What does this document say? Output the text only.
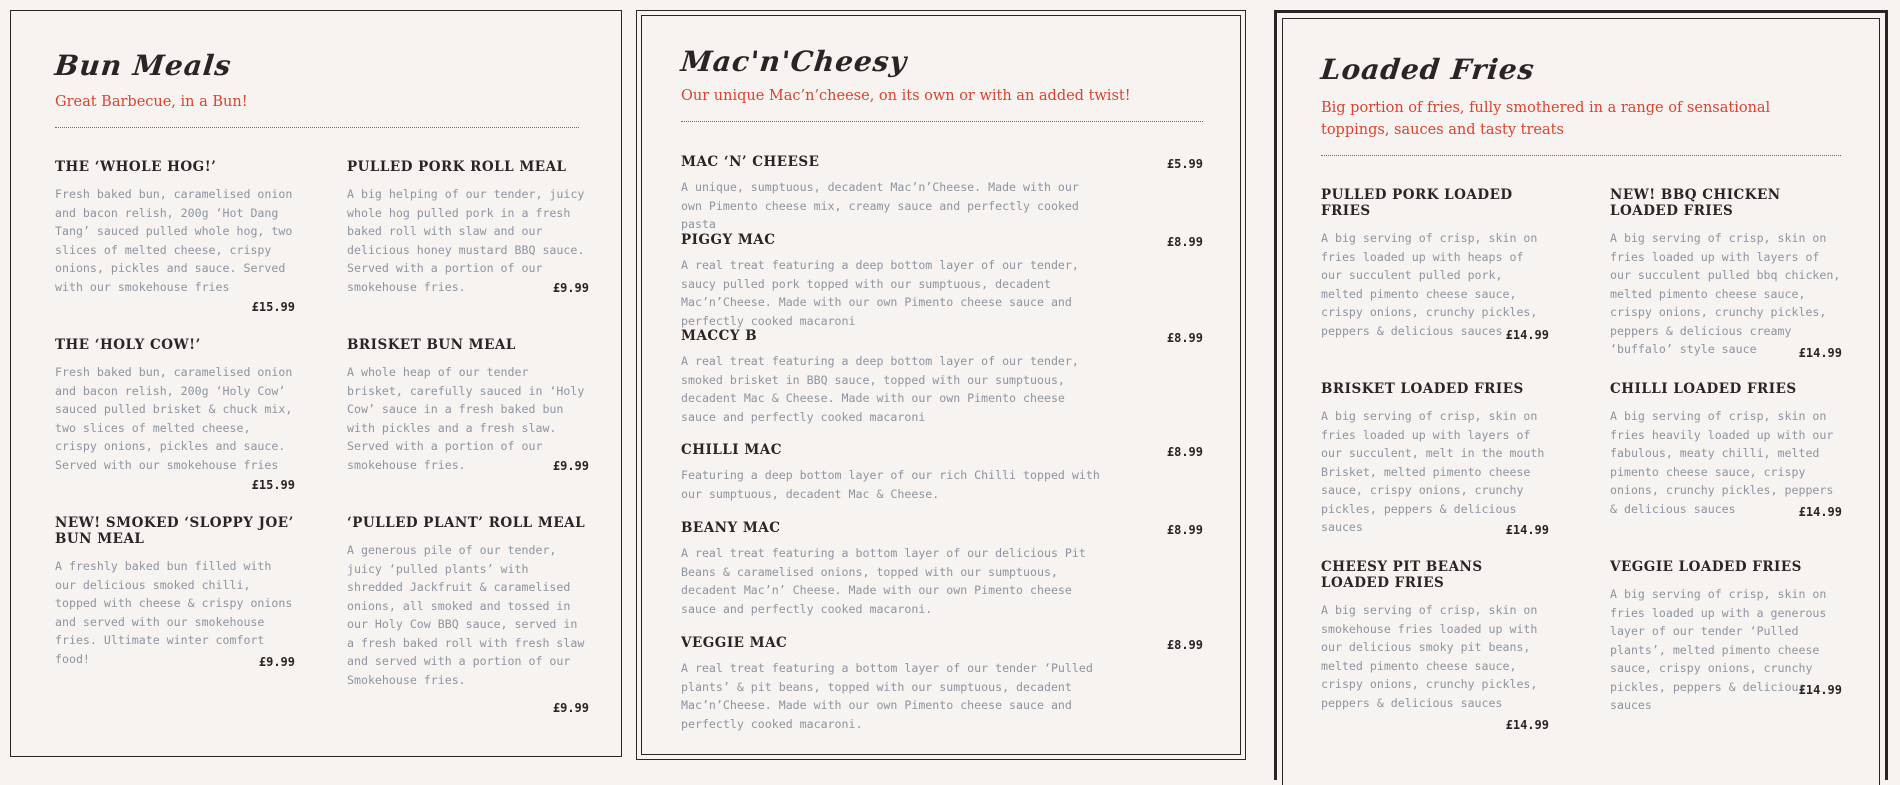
Bun Meals

Great Barbecue, in a Bun!

THE ‘WHOLE HOG!’

Fresh baked bun, caramelised onion and bacon relish, 200g ‘Hot Dang Tang’ sauced pulled whole hog, two slices of melted cheese, crispy onions, pickles and sauce. Served with our smokehouse fries

£15.99
PULLED PORK ROLL MEAL

A big helping of our tender, juicy whole hog pulled pork in a fresh baked roll with slaw and our delicious honey mustard BBQ sauce. Served with a portion of our smokehouse fries.	£9.99
THE ‘HOLY COW!’

Fresh baked bun, caramelised onion and bacon relish, 200g ‘Holy Cow’ sauced pulled brisket & chuck mix, two slices of melted cheese, crispy onions, pickles and sauce. Served with our smokehouse fries

£15.99
BRISKET BUN MEAL

A whole heap of our tender brisket, carefully sauced in ‘Holy Cow’ sauce in a fresh baked bun with pickles and a fresh slaw. Served with a portion of our smokehouse fries.	£9.99
NEW! SMOKED ‘SLOPPY JOE’ BUN MEAL

A freshly baked bun filled with our delicious smoked chilli, topped with cheese & crispy onions and served with our smokehouse fries. Ultimate winter comfort food!	£9.99
‘PULLED PLANT’ ROLL MEAL

A generous pile of our tender, juicy ‘pulled plants’ with shredded Jackfruit & caramelised onions, all smoked and tossed in our Holy Cow BBQ sauce, served in a fresh baked roll with fresh slaw and served with a portion of our Smokehouse fries.

£9.99
Mac'n'Cheesy

Our unique Mac’n’cheese, on its own or with an added twist!

MAC ‘N’ CHEESE

A unique, sumptuous, decadent Mac’n’Cheese. Made with our own Pimento cheese mix, creamy sauce and perfectly cooked pasta

£5.99
PIGGY MAC

A real treat featuring a deep bottom layer of our tender, saucy pulled pork topped with our sumptuous, decadent Mac’n’Cheese. Made with our own Pimento cheese sauce and perfectly cooked macaroni

£8.99
MACCY B

A real treat featuring a deep bottom layer of our tender, smoked brisket in BBQ sauce, topped with our sumptuous, decadent Mac & Cheese. Made with our own Pimento cheese sauce and perfectly cooked macaroni

£8.99
CHILLI MAC

Featuring a deep bottom layer of our rich Chilli topped with our sumptuous, decadent Mac & Cheese.

£8.99
BEANY MAC

A real treat featuring a bottom layer of our delicious Pit Beans & caramelised onions, topped with our sumptuous, decadent Mac’n’ Cheese. Made with our own Pimento cheese sauce and perfectly cooked macaroni.

£8.99
VEGGIE MAC

A real treat featuring a bottom layer of our tender ‘Pulled plants’ & pit beans, topped with our sumptuous, decadent Mac’n’Cheese. Made with our own Pimento cheese sauce and perfectly cooked macaroni.

£8.99
Loaded Fries

Big portion of fries, fully smothered in a range of sensational toppings, sauces and tasty treats

PULLED PORK LOADED FRIES

A big serving of crisp, skin on fries loaded up with heaps of our succulent pulled pork, melted pimento cheese sauce, crispy onions, crunchy pickles, peppers & delicious sauces £14.99
NEW! BBQ CHICKEN LOADED FRIES

A big serving of crisp, skin on fries loaded up with layers of our succulent pulled bbq chicken, melted pimento cheese sauce, crispy onions, crunchy pickles, peppers & delicious creamy ‘buffalo’ style sauce	£14.99
BRISKET LOADED FRIES

A big serving of crisp, skin on fries loaded up with layers of our succulent, melt in the mouth Brisket, melted pimento cheese sauce, crispy onions, crunchy pickles, peppers & delicious sauces	£14.99
CHILLI LOADED FRIES

A big serving of crisp, skin on fries heavily loaded up with our fabulous, meaty chilli, melted pimento cheese sauce, crispy onions, crunchy pickles, peppers & delicious sauces	£14.99
CHEESY PIT BEANS LOADED FRIES

A big serving of crisp, skin on smokehouse fries loaded up with our delicious smoky pit beans, melted pimento cheese sauce, crispy onions, crunchy pickles, peppers & delicious sauces

£14.99
VEGGIE LOADED FRIES

A big serving of crisp, skin on fries loaded up with a generous layer of our tender ‘Pulled plants’, melted pimento cheese sauce, crispy onions, crunchy pickles, peppers & delicious sauces

£14.99
